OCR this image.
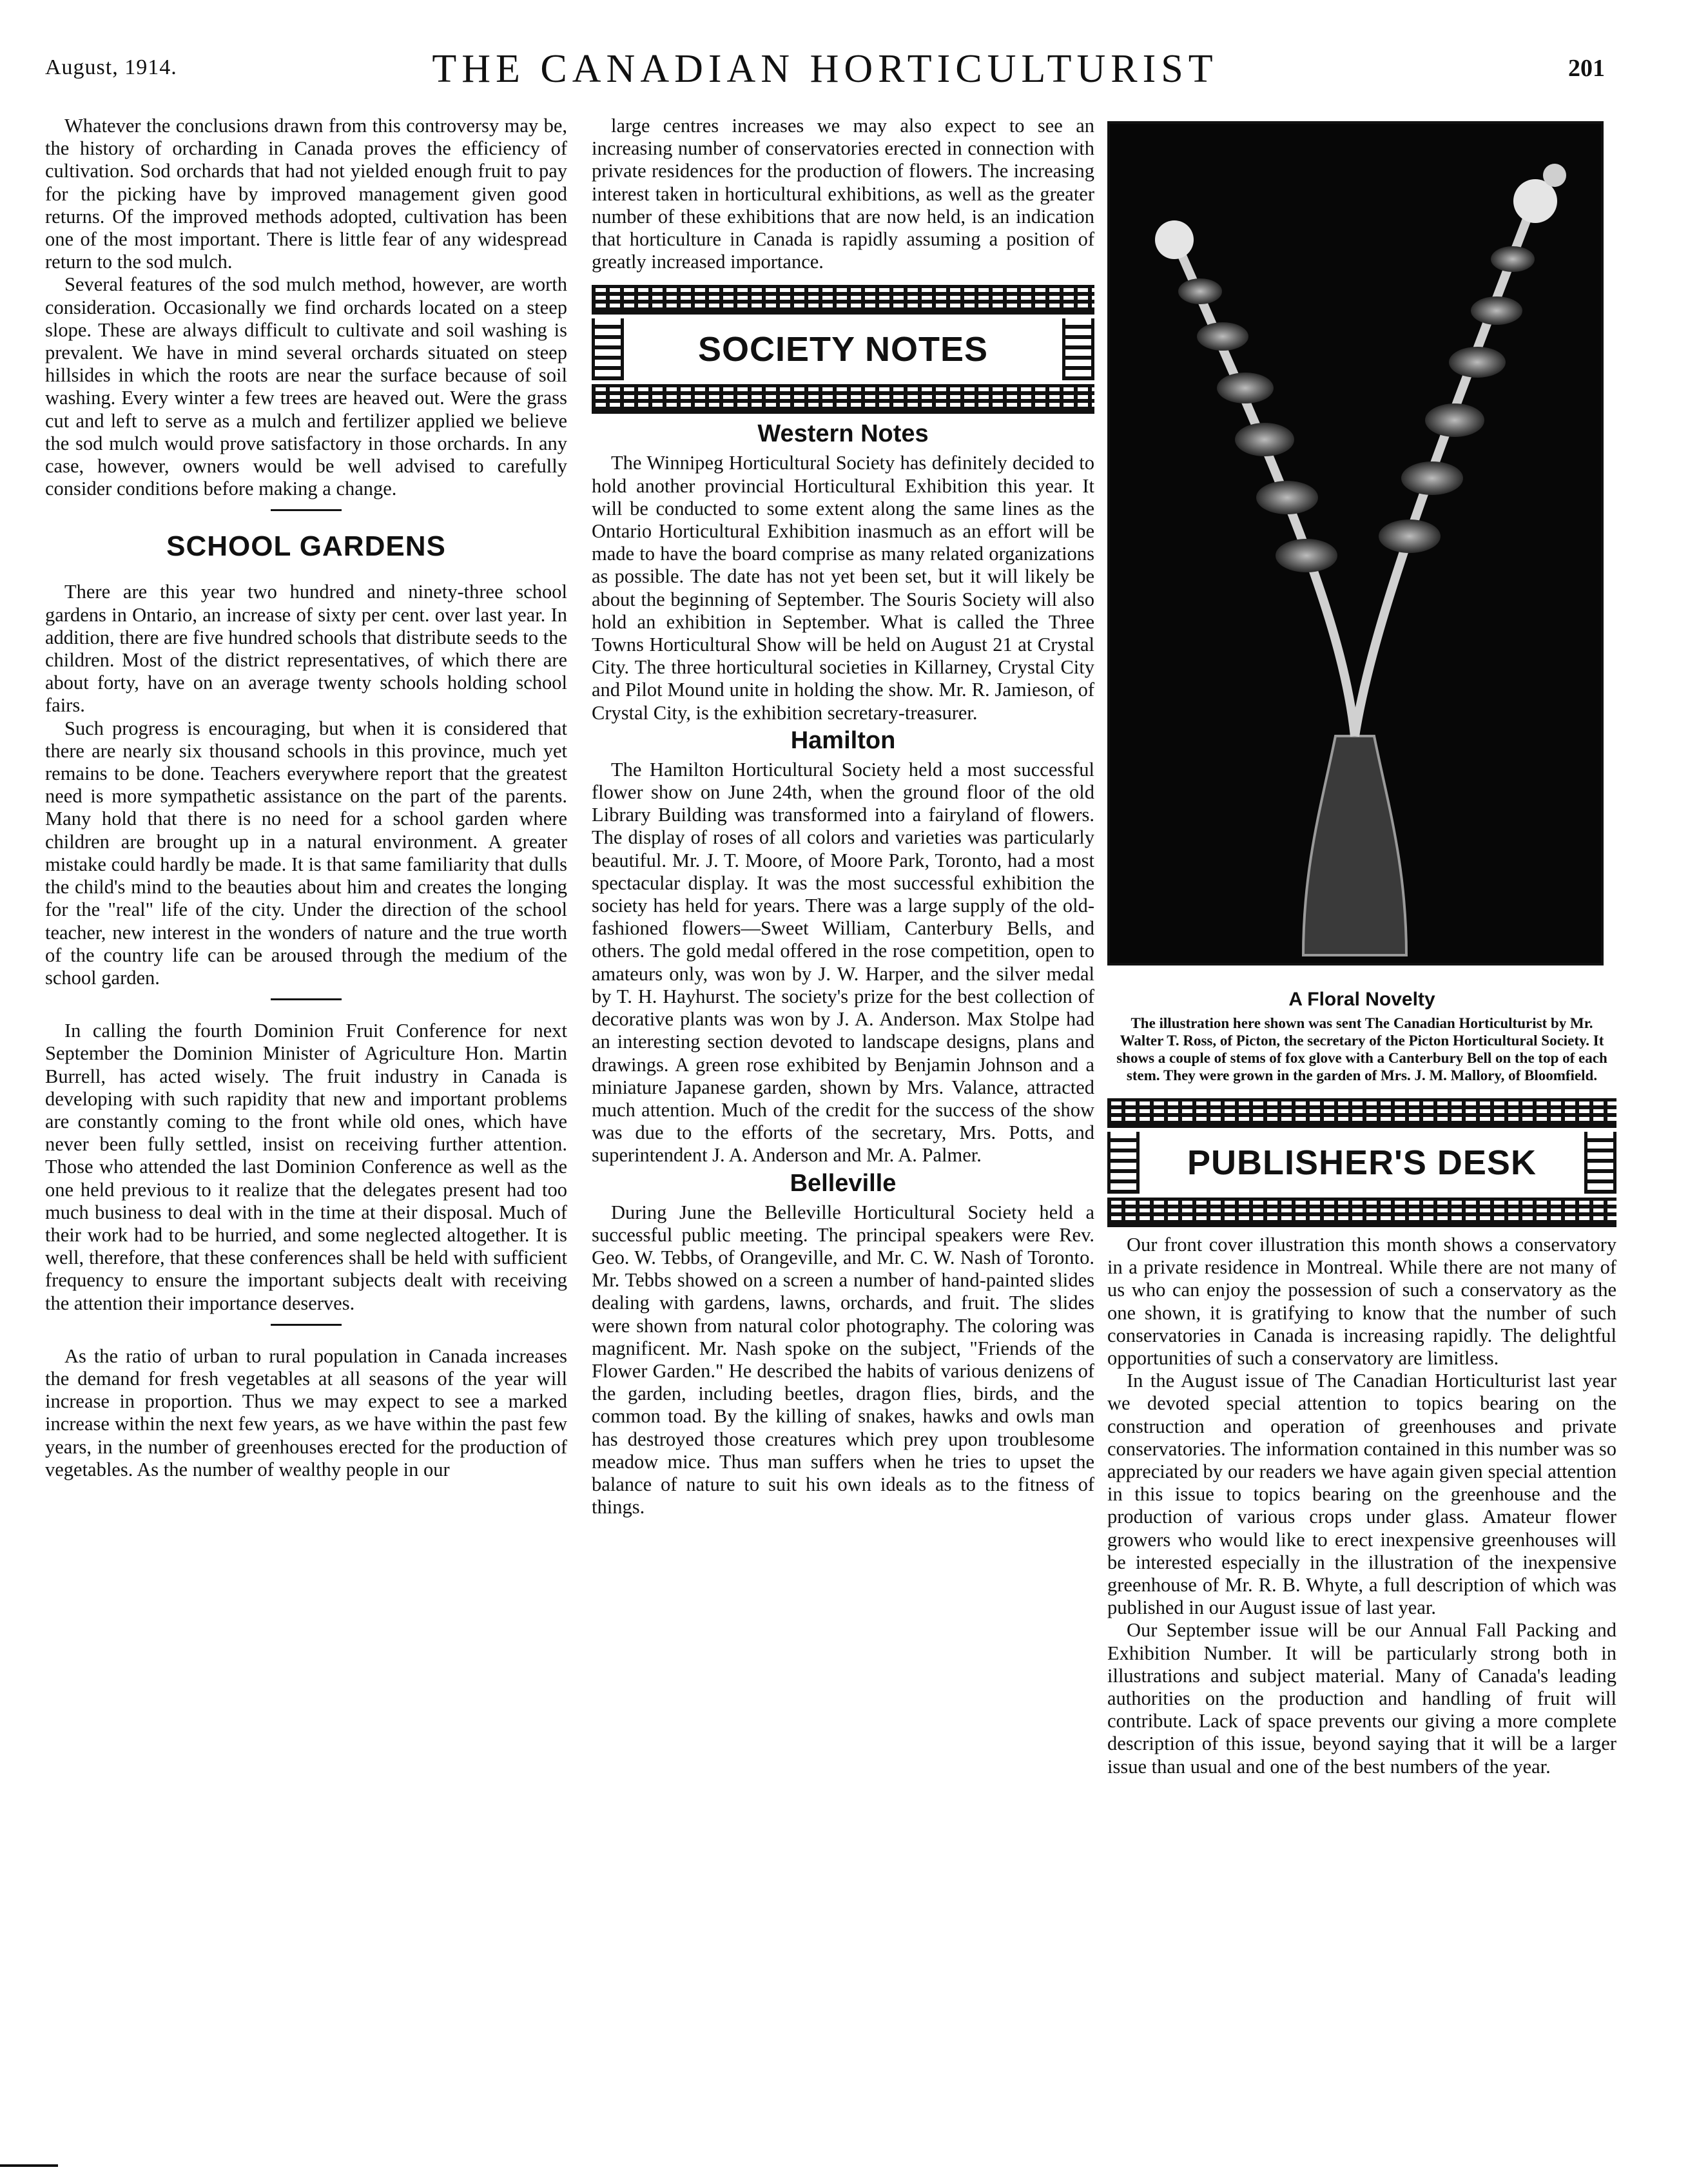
August, 1914.	THE CANADIAN HORTICULTURIST	201

Whatever the conclusions drawn from this controversy may be, the history of orcharding in Canada proves the efficiency of cultivation. Sod orchards that had not yielded enough fruit to pay for the picking have by improved management given good returns. Of the improved methods adopted, cultivation has been one of the most important. There is little fear of any widespread return to the sod mulch.

Several features of the sod mulch method, however, are worth consideration. Occasionally we find orchards located on a steep slope. These are always difficult to cultivate and soil washing is prevalent. We have in mind several orchards situated on steep hillsides in which the roots are near the surface because of soil washing. Every winter a few trees are heaved out. Were the grass cut and left to serve as a mulch and fertilizer applied we believe the sod mulch would prove satisfactory in those orchards. In any case, however, owners would be well advised to carefully consider conditions before making a change.

SCHOOL GARDENS

There are this year two hundred and ninety-three school gardens in Ontario, an increase of sixty per cent. over last year. In addition, there are five hundred schools that distribute seeds to the children. Most of the district representatives, of which there are about forty, have on an average twenty schools holding school fairs.

Such progress is encouraging, but when it is considered that there are nearly six thousand schools in this province, much yet remains to be done. Teachers everywhere report that the greatest need is more sympathetic assistance on the part of the parents. Many hold that there is no need for a school garden where children are brought up in a natural environment. A greater mistake could hardly be made. It is that same familiarity that dulls the child's mind to the beauties about him and creates the longing for the "real" life of the city. Under the direction of the school teacher, new interest in the wonders of nature and the true worth of the country life can be aroused through the medium of the school garden.

In calling the fourth Dominion Fruit Conference for next September the Dominion Minister of Agriculture Hon. Martin Burrell, has acted wisely. The fruit industry in Canada is developing with such rapidity that new and important problems are constantly coming to the front while old ones, which have never been fully settled, insist on receiving further attention. Those who attended the last Dominion Conference as well as the one held previous to it realize that the delegates present had too much business to deal with in the time at their disposal. Much of their work had to be hurried, and some neglected altogether. It is well, therefore, that these conferences shall be held with sufficient frequency to ensure the important subjects dealt with receiving the attention their importance deserves.

As the ratio of urban to rural population in Canada increases the demand for fresh vegetables at all seasons of the year will increase in proportion. Thus we may expect to see a marked increase within the next few years, as we have within the past few years, in the number of greenhouses erected for the production of vegetables. As the number of wealthy people in our

large centres increases we may also expect to see an increasing number of conservatories erected in connection with private residences for the production of flowers. The increasing interest taken in horticultural exhibitions, as well as the greater number of these exhibitions that are now held, is an indication that horticulture in Canada is rapidly assuming a position of greatly increased importance.

SOCIETY NOTES
Western Notes

The Winnipeg Horticultural Society has definitely decided to hold another provincial Horticultural Exhibition this year. It will be conducted to some extent along the same lines as the Ontario Horticultural Exhibition inasmuch as an effort will be made to have the board comprise as many related organizations as possible. The date has not yet been set, but it will likely be about the beginning of September. The Souris Society will also hold an exhibition in September. What is called the Three Towns Horticultural Show will be held on August 21 at Crystal City. The three horticultural societies in Killarney, Crystal City and Pilot Mound unite in holding the show. Mr. R. Jamieson, of Crystal City, is the exhibition secretary-treasurer.

Hamilton

The Hamilton Horticultural Society held a most successful flower show on June 24th, when the ground floor of the old Library Building was transformed into a fairyland of flowers. The display of roses of all colors and varieties was particularly beautiful. Mr. J. T. Moore, of Moore Park, Toronto, had a most spectacular display. It was the most successful exhibition the society has held for years. There was a large supply of the old-fashioned flowers—Sweet William, Canterbury Bells, and others. The gold medal offered in the rose competition, open to amateurs only, was won by J. W. Harper, and the silver medal by T. H. Hayhurst. The society's prize for the best collection of decorative plants was won by J. A. Anderson. Max Stolpe had an interesting section devoted to landscape designs, plans and drawings. A green rose exhibited by Benjamin Johnson and a miniature Japanese garden, shown by Mrs. Valance, attracted much attention. Much of the credit for the success of the show was due to the efforts of the secretary, Mrs. Potts, and superintendent J. A. Anderson and Mr. A. Palmer.

Belleville

During June the Belleville Horticultural Society held a successful public meeting. The principal speakers were Rev. Geo. W. Tebbs, of Orangeville, and Mr. C. W. Nash of Toronto. Mr. Tebbs showed on a screen a number of hand-painted slides dealing with gardens, lawns, orchards, and fruit. The slides were shown from natural color photography. The coloring was magnificent. Mr. Nash spoke on the subject, "Friends of the Flower Garden." He described the habits of various denizens of the garden, including beetles, dragon flies, birds, and the common toad. By the killing of snakes, hawks and owls man has destroyed those creatures which prey upon troublesome meadow mice. Thus man suffers when he tries to upset the balance of nature to suit his own ideals as to the fitness of things.

A Floral Novelty

The illustration here shown was sent The Canadian Horticulturist by Mr. Walter T. Ross, of Picton, the secretary of the Picton Horticultural Society. It shows a couple of stems of fox glove with a Canterbury Bell on the top of each stem. They were grown in the garden of Mrs. J. M. Mallory, of Bloomfield.

PUBLISHER'S DESK

Our front cover illustration this month shows a conservatory in a private residence in Montreal. While there are not many of us who can enjoy the possession of such a conservatory as the one shown, it is gratifying to know that the number of such conservatories in Canada is increasing rapidly. The delightful opportunities of such a conservatory are limitless.

In the August issue of The Canadian Horticulturist last year we devoted special attention to topics bearing on the construction and operation of greenhouses and private conservatories. The information contained in this number was so appreciated by our readers we have again given special attention in this issue to topics bearing on the greenhouse and the production of various crops under glass. Amateur flower growers who would like to erect inexpensive greenhouses will be interested especially in the illustration of the inexpensive greenhouse of Mr. R. B. Whyte, a full description of which was published in our August issue of last year.

Our September issue will be our Annual Fall Packing and Exhibition Number. It will be particularly strong both in illustrations and subject material. Many of Canada's leading authorities on the production and handling of fruit will contribute. Lack of space prevents our giving a more complete description of this issue, beyond saying that it will be a larger issue than usual and one of the best numbers of the year.
